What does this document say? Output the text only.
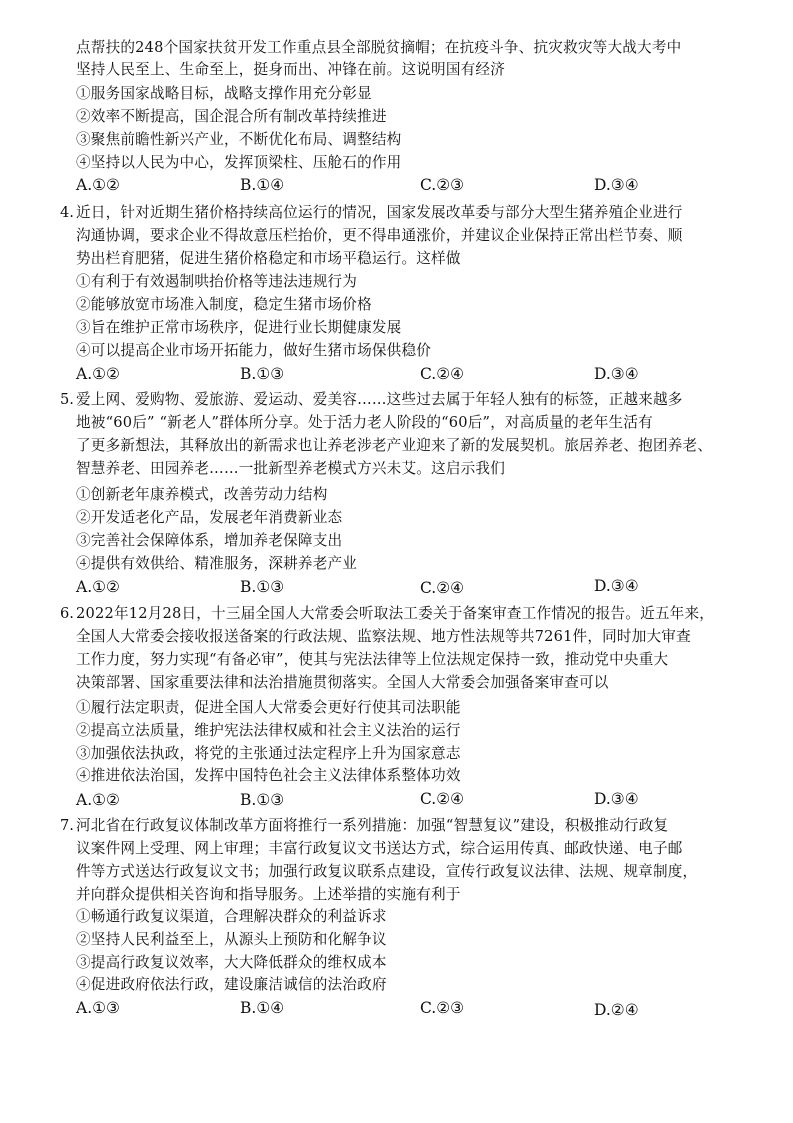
点帮扶的248个国家扶贫开发工作重点县全部脱贫摘帽；在抗疫斗争、抗灾救灾等大战大考中
坚持人民至上、生命至上，挺身而出、冲锋在前。这说明国有经济
①服务国家战略目标，战略支撑作用充分彰显
②效率不断提高，国企混合所有制改革持续推进
③聚焦前瞻性新兴产业，不断优化布局、调整结构
④坚持以人民为中心，发挥顶梁柱、压舱石的作用
A.①②	B.①④	C.②③	D.③④
4. 近日，针对近期生猪价格持续高位运行的情况，国家发展改革委与部分大型生猪养殖企业进行
沟通协调，要求企业不得故意压栏抬价，更不得串通涨价，并建议企业保持正常出栏节奏、顺
势出栏育肥猪，促进生猪价格稳定和市场平稳运行。这样做
①有利于有效遏制哄抬价格等违法违规行为
②能够放宽市场准入制度，稳定生猪市场价格
③旨在维护正常市场秩序，促进行业长期健康发展
④可以提高企业市场开拓能力，做好生猪市场保供稳价
A.①②	B.①③	C.②④	D.③④
5. 爱上网、爱购物、爱旅游、爱运动、爱美容……这些过去属于年轻人独有的标签，正越来越多
地被“60后” “新老人”群体所分享。处于活力老人阶段的“60后”，对高质量的老年生活有
了更多新想法，其释放出的新需求也让养老涉老产业迎来了新的发展契机。旅居养老、抱团养老、
智慧养老、田园养老……一批新型养老模式方兴未艾。这启示我们
①创新老年康养模式，改善劳动力结构
②开发适老化产品，发展老年消费新业态
③完善社会保障体系，增加养老保障支出
④提供有效供给、精准服务，深耕养老产业
A.①②	B.①③	C.②④	D.③④
6. 2022年12月28日，十三届全国人大常委会听取法工委关于备案审查工作情况的报告。近五年来，
全国人大常委会接收报送备案的行政法规、监察法规、地方性法规等共7261件，同时加大审查
工作力度，努力实现“有备必审”，使其与宪法法律等上位法规定保持一致，推动党中央重大
决策部署、国家重要法律和法治措施贯彻落实。全国人大常委会加强备案审查可以
①履行法定职责，促进全国人大常委会更好行使其司法职能
②提高立法质量，维护宪法法律权威和社会主义法治的运行
③加强依法执政，将党的主张通过法定程序上升为国家意志
④推进依法治国，发挥中国特色社会主义法律体系整体功效
A.①②	B.①③	C.②④	D.③④
7. 河北省在行政复议体制改革方面将推行一系列措施：加强“智慧复议”建设，积极推动行政复
议案件网上受理、网上审理；丰富行政复议文书送达方式，综合运用传真、邮政快递、电子邮
件等方式送达行政复议文书；加强行政复议联系点建设，宣传行政复议法律、法规、规章制度，
并向群众提供相关咨询和指导服务。上述举措的实施有利于
①畅通行政复议渠道，合理解决群众的利益诉求
②坚持人民利益至上，从源头上预防和化解争议
③提高行政复议效率，大大降低群众的维权成本
④促进政府依法行政，建设廉洁诚信的法治政府
A.①③	B.①④	C.②③	D.②④
